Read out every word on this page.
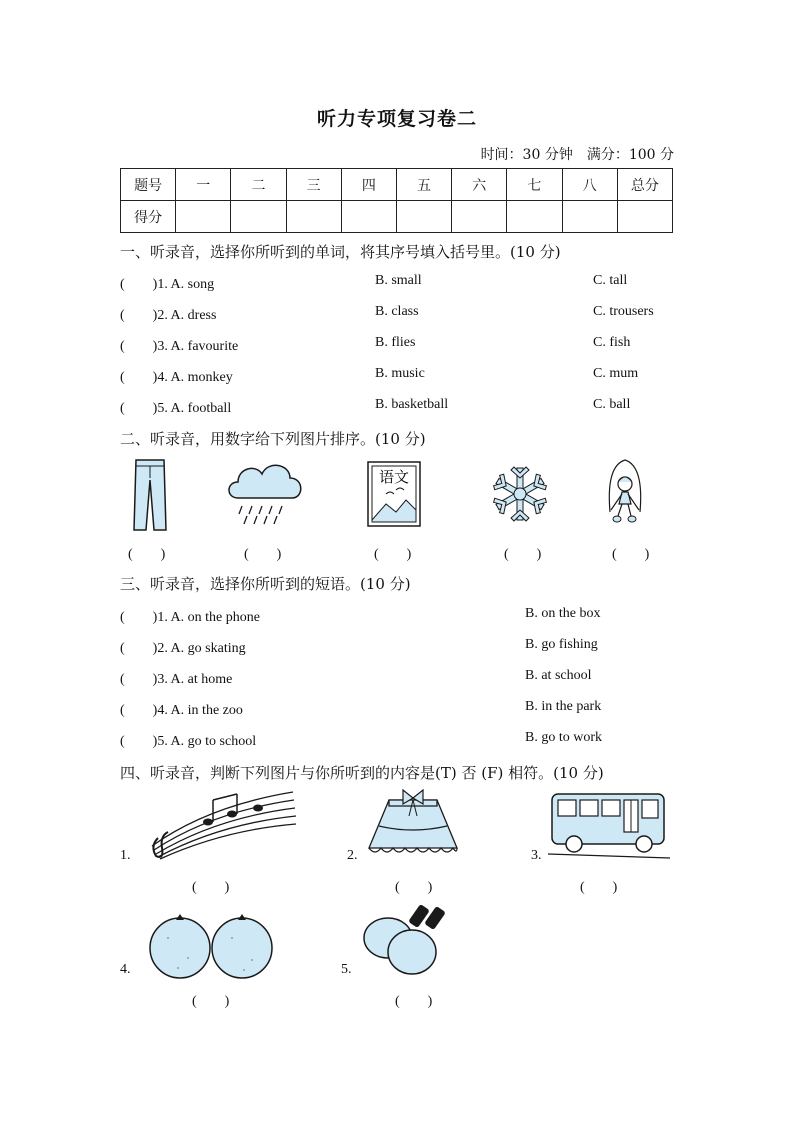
听力专项复习卷二
时间：30 分钟　满分：100 分
题号	一	二	三	四	五	六	七	八	总分
得分									
一、听录音，选择你所听到的单词，将其序号填入括号里。(10 分)
(　　)1. A. song	B. small	C. tall
(　　)2. A. dress	B. class	C. trousers
(　　)3. A. favourite	B. flies	C. fish
(　　)4. A. monkey	B. music	C. mum
(　　)5. A. football	B. basketball	C. ball
二、听录音，用数字给下列图片排序。(10 分)
语文
(　　)	(　　)	(　　)	(　　)	(　　)
三、听录音，选择你所听到的短语。(10 分)
(　　)1. A. on the phone	B. on the box
(　　)2. A. go skating	B. go fishing
(　　)3. A. at home	B. at school
(　　)4. A. in the zoo	B. in the park
(　　)5. A. go to school	B. go to work
四、听录音，判断下列图片与你所听到的内容是(T) 否 (F) 相符。(10 分)
1.
(　　)
2.
(　　)
3.
(　　)
4.
(　　)
5.
(　　)
